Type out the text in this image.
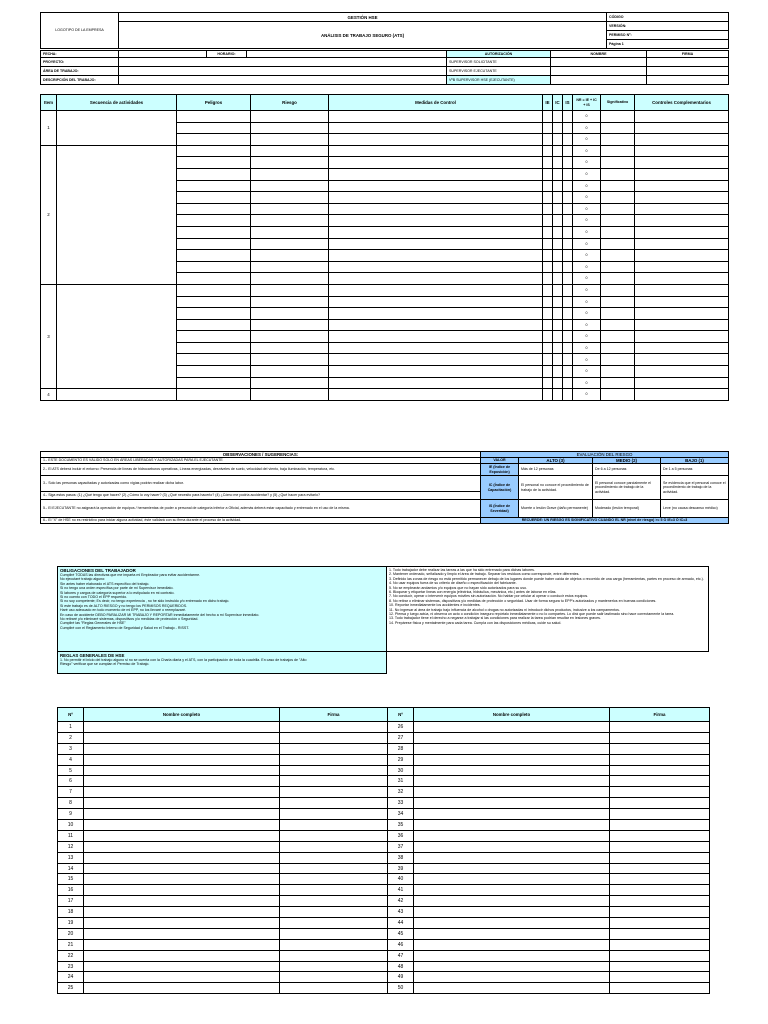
LOGOTIPO DE LA EMPRESA	GESTIÓN HSE	CÓDIGO
	ANÁLISIS DE TRABAJO SEGURO (ATS)	VERSIÓN:
		PERMISO Nº:
		Página 1
FECHA:		HORARIO:		AUTORIZACIÓN	NOMBRE	FIRMA
PROYECTO:				SUPERVISOR SOLICITANTE		
ÁREA DE TRABAJO:				SUPERVISOR EJECUTANTE		
DESCRIPCIÓN DEL TRABAJO:				VºB SUPERVISOR HSE (EJECUTANTE)		
Item	Secuencia de actividades	Peligros	Riesgo	Medidas de Control	IE	IC	IS	NR = IE + IC + IS	Significativo	Controles Complementarios
1								0		
								0		
								0		
2								0		
								0		
								0		
								0		
								0		
								0		
								0		
								0		
								0		
								0		
								0		
								0		
3								0		
								0		
								0		
								0		
								0		
								0		
								0		
								0		
								0		
4								0		
OBSERVACIONES / SUGERENCIAS:	EVALUACIÓN DEL RIESGO			
1.- ESTE DOCUMENTO ES VÁLIDO SOLO EN ÁREAS LIBERADAS Y AUTORIZADAS PARA EL EJECUTANTE	VALOR	ALTO (3)	MEDIO (2)	BAJO (1)
2.- El ATS deberá incluir el entorno: Presencia de líneas de hidrocarburos operativas, Líneas energizadas, desniveles de suelo, velocidad del viento, baja iluminación, temperatura, etc.	IE (Índice de Exposición)	Más de 12 personas	De 6 a 12 personas	De 1 a 5 personas
3.- Solo las personas capacitadas y autorizadas como vigías podrán realizar dicha labor.	IC (Índice de Capacitación)	El personal no conoce el procedimiento de trabajo de la actividad.	El personal conoce parcialmente el procedimiento de trabajo de la actividad.	Se evidencia que el personal conoce el procedimiento de trabajo de la actividad.
4.- Siga estos pasos: (1) ¿Qué tengo que hacer? (2) ¿Cómo lo voy hacer? (3) ¿Qué necesito para hacerlo? (4) ¿Cómo me podría accidentar? y (5) ¿Qué hacer para evitarlo?				
5.- El EJECUTANTE no asignará la operación de equipos / herramientas de poder a personal de categoría inferior a Oficial, además deberá estar capacitado y entrenado en el uso de la misma.	IS (Índice de Severidad)	Muerte o lesión Grave (daño permanente)	Moderado (lesión temporal)	Leve (no causa descanso médico)
6.- El "X" de HSE no es restrictivo para iniciar alguna actividad, éste validará con su firma durante el proceso de la actividad.	RECUERDE: UN RIESGO ES SIGNIFICATIVO CUANDO EL NR (nivel de riesgo) >= 5 Ó IE=3 Ó IC=3			
OBLIGACIONES DEL TRABAJADOR
Cumpliré TODAS las directivas que me imparta mi Empleador para evitar accidentarme.
No ejecutaré trabajo alguno:
Sin antes haber elaborado el ATS específico del trabajo.
Si no tengo una orden específica por parte de mi Supervisor inmediato.
Si labores y cargos de categoría superior a lo estipulado en mi contrato.
Si no cuento con TODO el EPP requerido.
Si no soy competente; Es decir, no tengo experiencia , no he sido instruido y/o entrenado en dicho trabajo.
Si este trabajo es de ALTO RIESGO y no tengo los PERMISOS REQUERIDOS.
Haré uso adecuado en todo momento de mi EPP, no los llevaré o reemplazaré.
En caso de accidente DEBO PARALIZAR MI TRABAJO Y REPORTAR inmediatamente del hecho a mi Supervisor inmediato.
No retiraré y/o eliminaré sistemas, dispositivos y/o medidas de protección o Seguridad.
Cumpliré las "Reglas Generales de HSE"
Cumpliré con el Reglamento Interno de Seguridad y Salud en el Trabajo - RISST.
1. Todo trabajador debe realizar las tareas a las que ha sido entrenado para dichas labores.
2. Mantener ordenado, señalizado y limpio el área de trabajo. Separar los residuos como corresponde, entre diferentes.
3. Definido las zonas de riesgo no está permitido permanecer debajo de los lugares donde puede haber caída de objetos o recorrido de una carga (herramientas, partes en proceso de armado, etc.).
4. No usar equipos fuera de su criterio de diseño o especificación del fabricante.
5. No se emplearán andamios y/o equipos que no hayan sido autorizados para su uso.
6. Bloquear y etiquetar líneas con energía (eléctrica, hidráulica, mecánica, etc.) antes de laborar en ellas.
7. No conducir, operar o intervenir equipos móviles sin autorización. No hablar por celular al operar o conducir estos equipos.
8. No retirar o eliminar sistemas, dispositivos y/o medidas de protección o seguridad. Usar de forma segura tu EPP's autorizados y mantenerlos en buenas condiciones.
10. Reportar inmediatamente los accidentes e incidentes.
11. No ingresar al área de trabajo bajo influencia de alcohol o drogas no autorizadas ni introducir dichos productos, inclusive a los campamentos.
12. Piensa y luego actúa, ni observa un acto o condición inseguro repórtalo inmediatamente o no lo compartes. Lo dirá que puede salir lastimado sino hace correctamente la tarea.
13. Todo trabajador tiene el derecho a negarse a trabajar si las condiciones para realizar la tarea podrían resultar en lesiones graves.
14. Prepárese física y mentalmente para cada tarea. Cumpla con las disposiciones médicas, cuide su salud.
REGLAS GENERALES DE HSE
1. No permitir el inicio del trabajo alguno si no se cuenta con la Charla diaria y el ATS, con la participación de toda la cuadrilla. En caso de trabajos de "Alto
Riesgo" verificar que se cumplan el Permiso de Trabajo.
Nº	Nombre completo	Firma	Nº	Nombre completo	Firma
1			26		
2			27		
3			28		
4			29		
5			30		
6			31		
7			32		
8			33		
9			34		
10			35		
11			36		
12			37		
13			38		
14			39		
15			40		
16			41		
17			42		
18			43		
19			44		
20			45		
21			46		
22			47		
23			48		
24			49		
25			50		
